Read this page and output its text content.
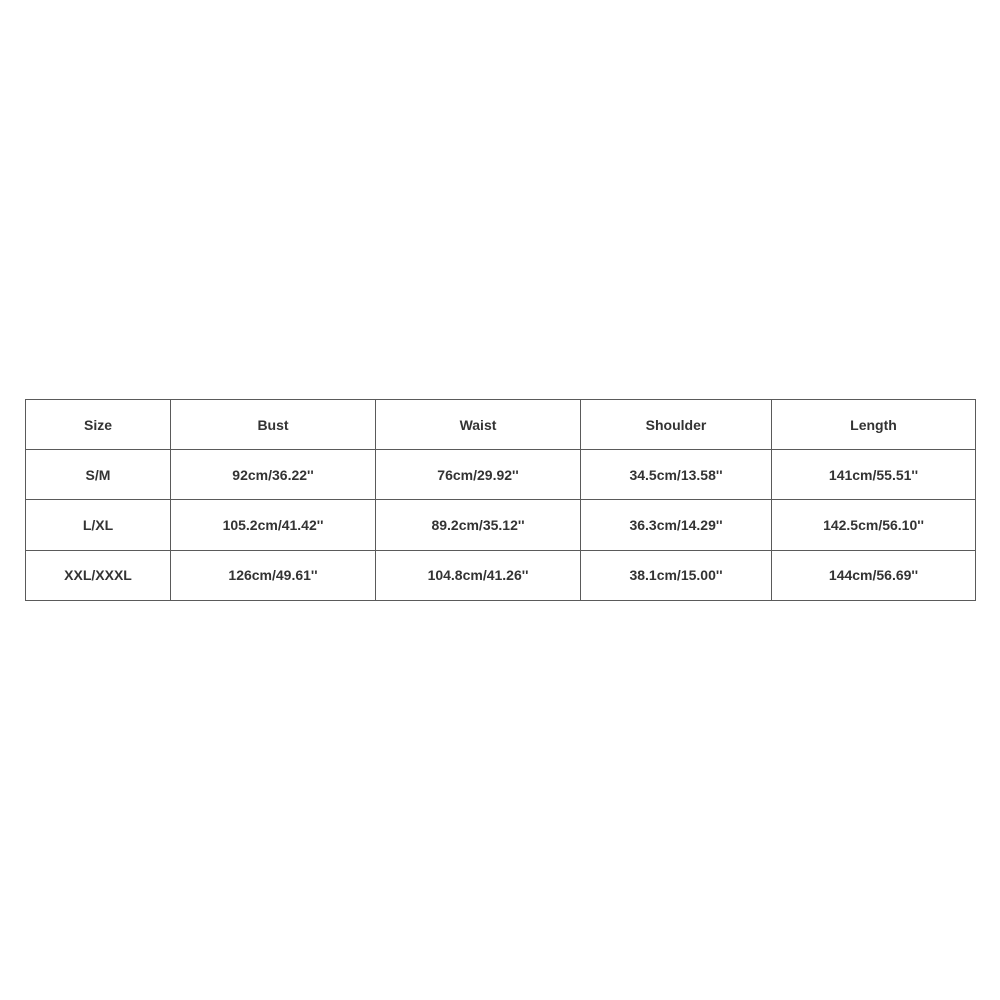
Size	Bust	Waist	Shoulder	Length
S/M	92cm/36.22''	76cm/29.92''	34.5cm/13.58''	141cm/55.51''
L/XL	105.2cm/41.42''	89.2cm/35.12''	36.3cm/14.29''	142.5cm/56.10''
XXL/XXXL	126cm/49.61''	104.8cm/41.26''	38.1cm/15.00''	144cm/56.69''
